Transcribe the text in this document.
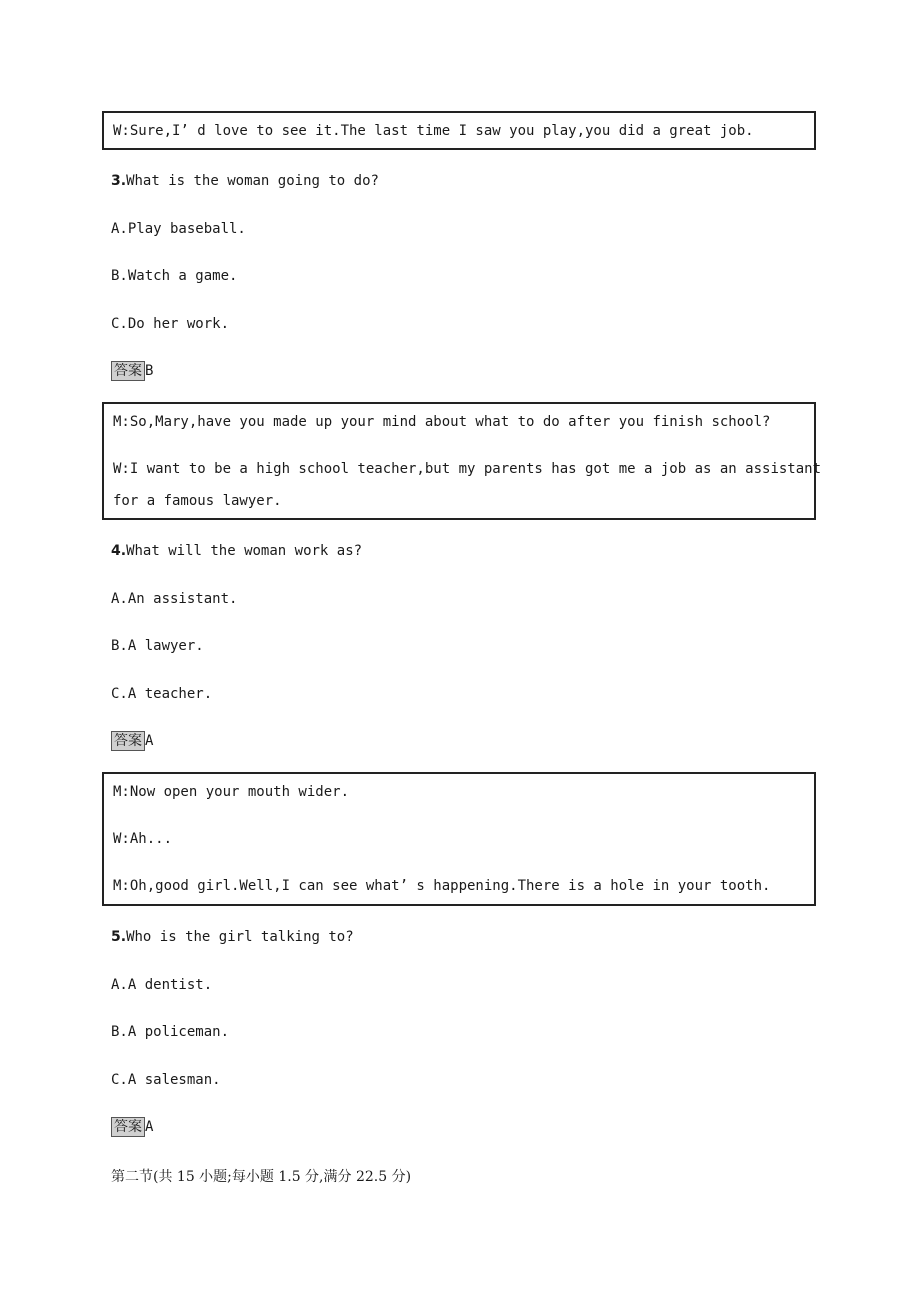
W:Sure,I’ d love to see it.The last time I saw you play,you did a great job.
3.What is the woman going to do?
A.Play baseball.
B.Watch a game.
C.Do her work.
答案 B
M:So,Mary,have you made up your mind about what to do after you finish school?
W:I want to be a high school teacher,but my parents has got me a job as an assistant
for a famous lawyer.
4.What will the woman work as?
A.An assistant.
B.A lawyer.
C.A teacher.
答案 A
M:Now open your mouth wider.
W:Ah...
M:Oh,good girl.Well,I can see what’ s happening.There is a hole in your tooth.
5.Who is the girl talking to?
A.A dentist.
B.A policeman.
C.A salesman.
答案 A
第二节(共 15 小题;每小题 1.5 分,满分 22.5 分)
